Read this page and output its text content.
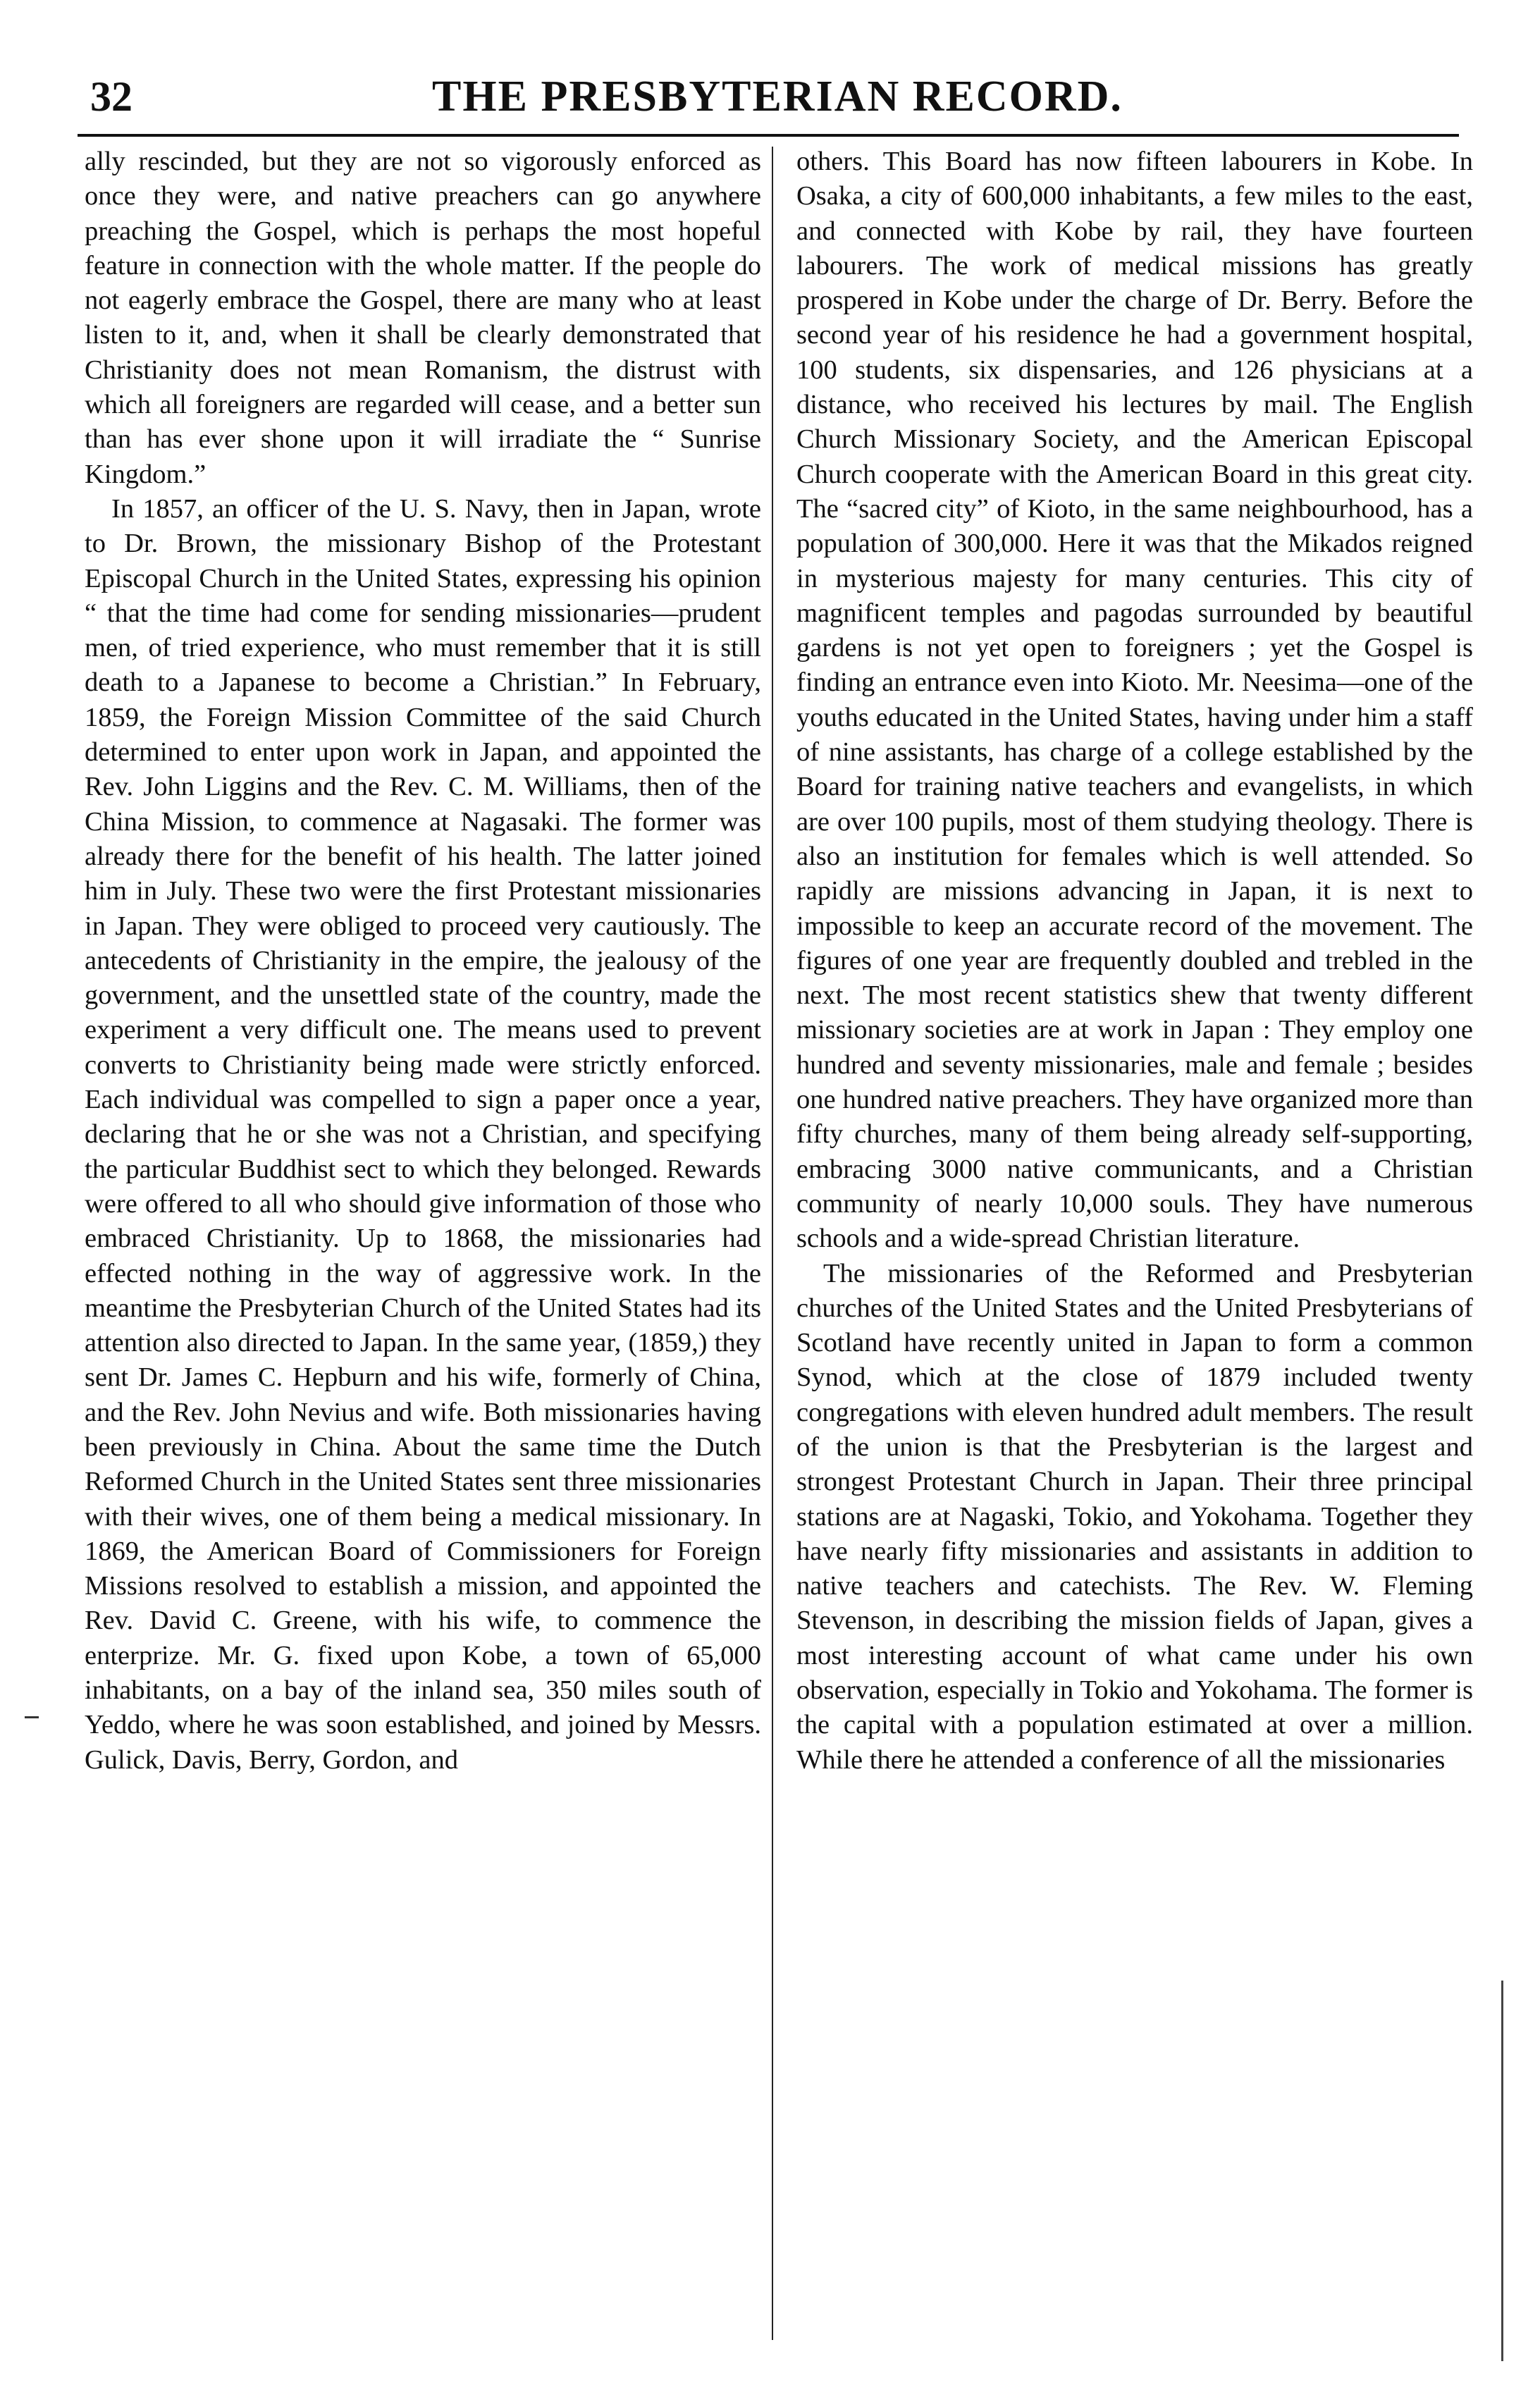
32	THE PRESBYTERIAN RECORD.

ally rescinded, but they are not so vigorously enforced as once they were, and native preachers can go anywhere preaching the Gospel, which is perhaps the most hopeful feature in connection with the whole matter. If the people do not eagerly embrace the Gospel, there are many who at least listen to it, and, when it shall be clearly demonstrated that Christianity does not mean Romanism, the distrust with which all foreigners are regarded will cease, and a better sun than has ever shone upon it will irradiate the “ Sunrise Kingdom.”

In 1857, an officer of the U. S. Navy, then in Japan, wrote to Dr. Brown, the missionary Bishop of the Protestant Episcopal Church in the United States, expressing his opinion “ that the time had come for sending missionaries—prudent men, of tried experience, who must remember that it is still death to a Japanese to become a Christian.” In February, 1859, the Foreign Mission Committee of the said Church determined to enter upon work in Japan, and appointed the Rev. John Liggins and the Rev. C. M. Williams, then of the China Mission, to commence at Nagasaki. The former was already there for the benefit of his health. The latter joined him in July. These two were the first Protestant missionaries in Japan. They were obliged to proceed very cautiously. The antecedents of Christianity in the empire, the jealousy of the government, and the unsettled state of the country, made the experiment a very difficult one. The means used to prevent converts to Christianity being made were strictly enforced. Each individual was compelled to sign a paper once a year, declaring that he or she was not a Christian, and specifying the particular Buddhist sect to which they belonged. Rewards were offered to all who should give information of those who embraced Christianity. Up to 1868, the missionaries had effected nothing in the way of aggressive work. In the meantime the Presbyterian Church of the United States had its attention also directed to Japan. In the same year, (1859,) they sent Dr. James C. Hepburn and his wife, formerly of China, and the Rev. John Nevius and wife. Both missionaries having been previously in China. About the same time the Dutch Reformed Church in the United States sent three missionaries with their wives, one of them being a medical missionary. In 1869, the American Board of Commissioners for Foreign Missions resolved to establish a mission, and appointed the Rev. David C. Greene, with his wife, to commence the enterprize. Mr. G. fixed upon Kobe, a town of 65,000 inhabitants, on a bay of the inland sea, 350 miles south of Yeddo, where he was soon established, and joined by Messrs. Gulick, Davis, Berry, Gordon, and

others. This Board has now fifteen labourers in Kobe. In Osaka, a city of 600,000 inhabitants, a few miles to the east, and connected with Kobe by rail, they have fourteen labourers. The work of medical missions has greatly prospered in Kobe under the charge of Dr. Berry. Before the second year of his residence he had a government hospital, 100 students, six dispensaries, and 126 physicians at a distance, who received his lectures by mail. The English Church Missionary Society, and the American Episcopal Church cooperate with the American Board in this great city. The “sacred city” of Kioto, in the same neighbourhood, has a population of 300,000. Here it was that the Mikados reigned in mysterious majesty for many centuries. This city of magnificent temples and pagodas surrounded by beautiful gardens is not yet open to foreigners ; yet the Gospel is finding an entrance even into Kioto. Mr. Neesima—one of the youths educated in the United States, having under him a staff of nine assistants, has charge of a college established by the Board for training native teachers and evangelists, in which are over 100 pupils, most of them studying theology. There is also an institution for females which is well attended. So rapidly are missions advancing in Japan, it is next to impossible to keep an accurate record of the movement. The figures of one year are frequently doubled and trebled in the next. The most recent statistics shew that twenty different missionary societies are at work in Japan : They employ one hundred and seventy missionaries, male and female ; besides one hundred native preachers. They have organized more than fifty churches, many of them being already self-supporting, embracing 3000 native communicants, and a Christian community of nearly 10,000 souls. They have numerous schools and a wide-spread Christian literature.

The missionaries of the Reformed and Presbyterian churches of the United States and the United Presbyterians of Scotland have recently united in Japan to form a common Synod, which at the close of 1879 included twenty congregations with eleven hundred adult members. The result of the union is that the Presbyterian is the largest and strongest Protestant Church in Japan. Their three principal stations are at Nagaski, Tokio, and Yokohama. Together they have nearly fifty missionaries and assistants in addition to native teachers and catechists. The Rev. W. Fleming Stevenson, in describing the mission fields of Japan, gives a most interesting account of what came under his own observation, especially in Tokio and Yokohama. The former is the capital with a population estimated at over a million. While there he attended a conference of all the missionaries
